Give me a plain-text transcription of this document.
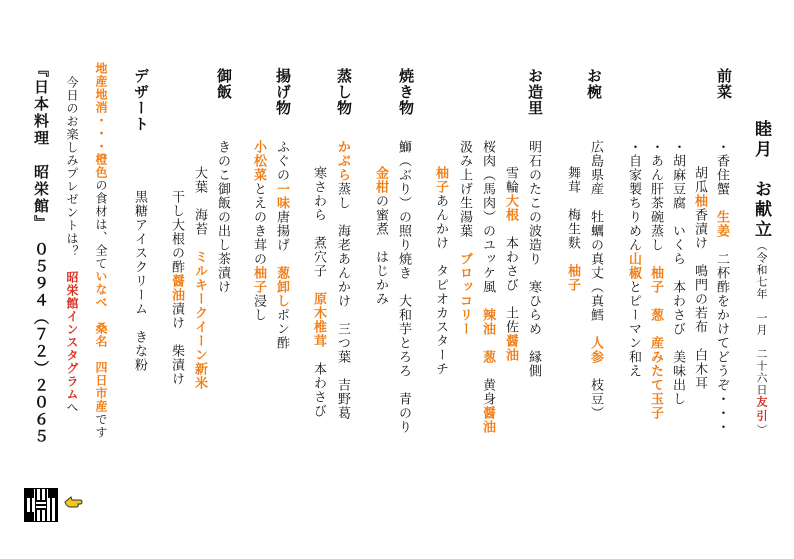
睦月　お献立（令和七年　一月　二十六日友引）
前菜
・香住蟹　生姜　二杯酢をかけてどうぞ・・・
胡瓜柚香漬け　鳴門の若布　白木耳
・胡麻豆腐　いくら　本わさび　美味出し
・あん肝茶碗蒸し　柚子　葱　産みたて玉子
・自家製ちりめん山椒とピーマン和え
お椀
広島県産　牡蠣の真丈（真鱈　人参　枝豆）
舞茸　梅生麩　柚子
お造里
明石のたこの波造り　寒ひらめ　縁側
雪輪大根　本わさび　土佐醤油
桜肉（馬肉）のユッケ風　辣油　葱　黄身醤油
汲み上げ生湯葉　ブロッコリー
柚子あんかけ　タピオカスターチ
焼き物
鰤（ぶり）の照り焼き　大和芋とろろ　青のり
金柑の蜜煮　はじかみ
蒸し物
かぶら蒸し　海老あんかけ　三つ葉　吉野葛
寒さわら　煮穴子　原木椎茸　本わさび
揚げ物
ふぐの一味唐揚げ　葱卸しポン酢
小松菜とえのき茸の柚子浸し
御飯
きのこ御飯の出し茶漬け
大葉　海苔　ミルキークイーン新米
干し大根の酢醤油漬け　柴漬け
デザート
黒糖アイスクリーム　きな粉
地産地消・・・橙色の食材は、全ていなべ　桑名　四日市産です
今日のお楽しみプレゼントは？　昭栄館インスタグラムへ
『日本料理　昭栄館』　０５９４（７２）２０６５
